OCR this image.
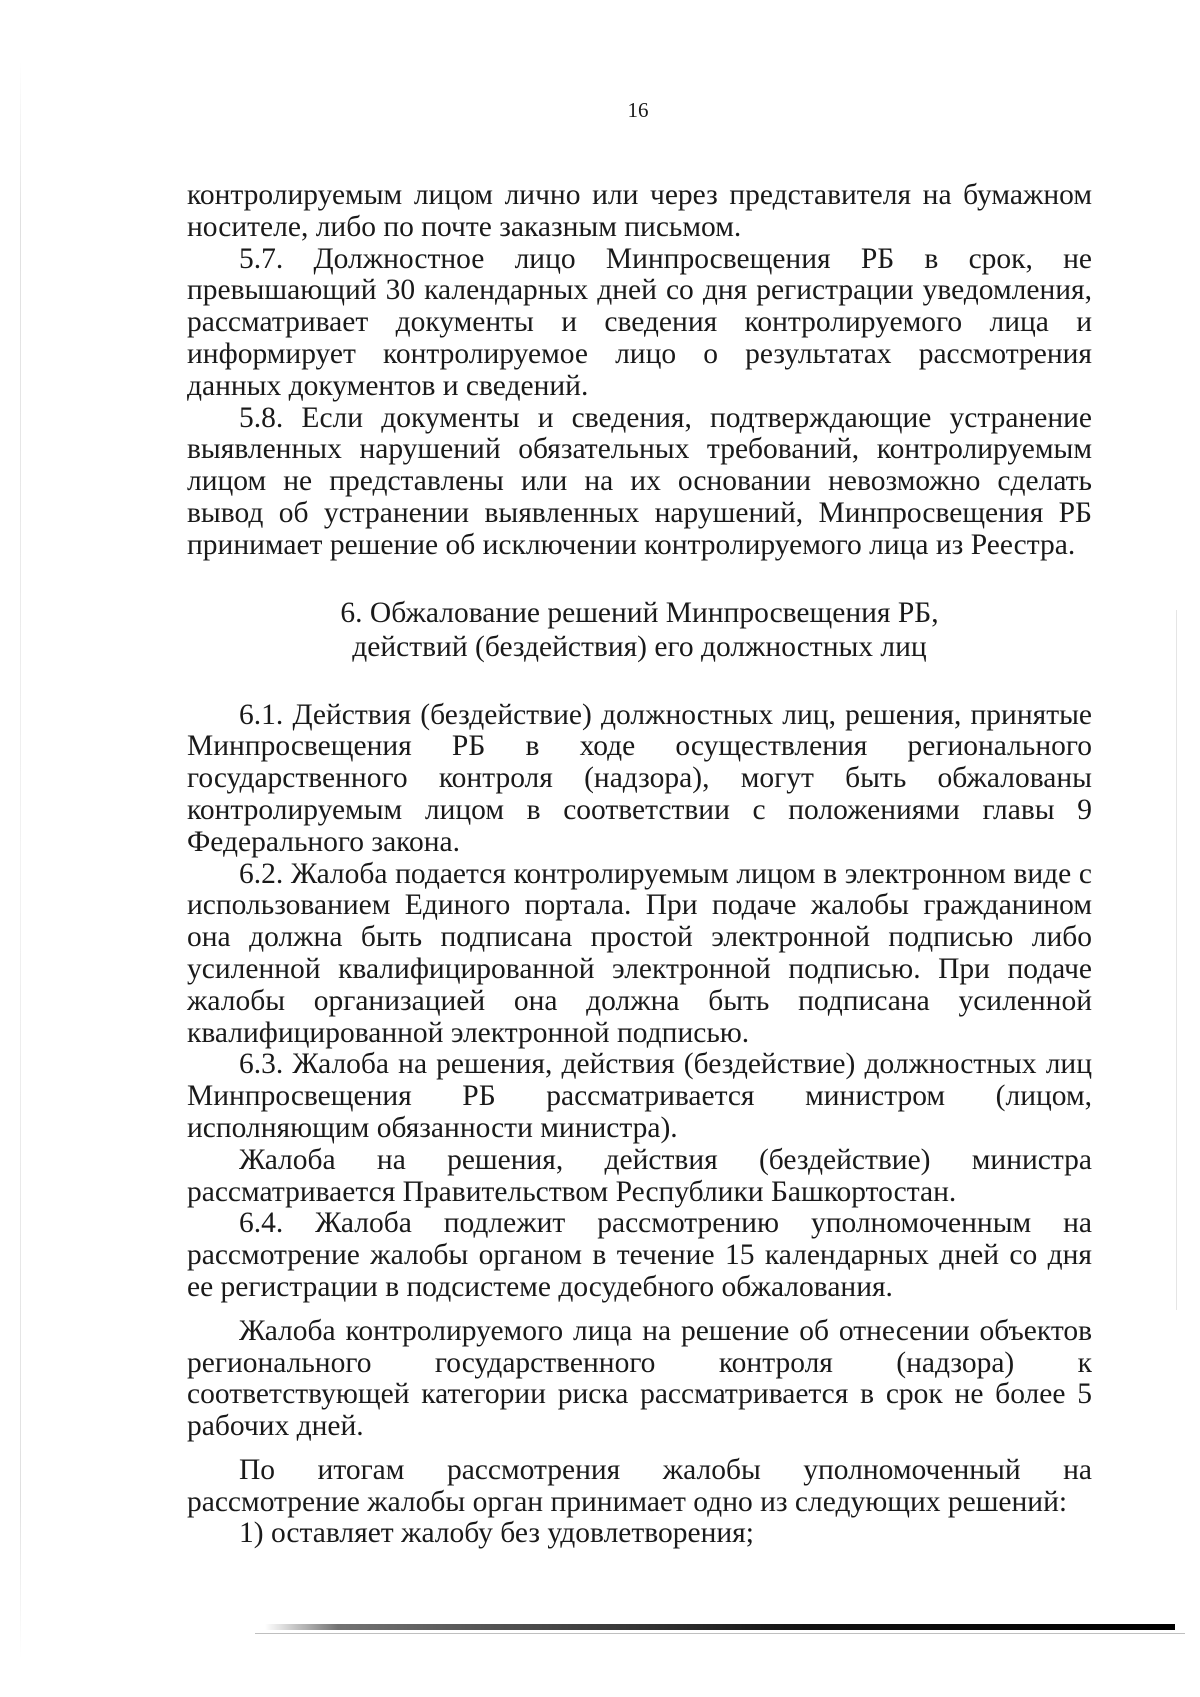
16

контролируемым лицом лично или через представителя на бумажном носителе, либо по почте заказным письмом.

5.7. Должностное лицо Минпросвещения РБ в срок, не превышающий 30 календарных дней со дня регистрации уведомления, рассматривает документы и сведения контролируемого лица и информирует контролируемое лицо о результатах рассмотрения данных документов и сведений.

5.8. Если документы и сведения, подтверждающие устранение выявленных нарушений обязательных требований, контролируемым лицом не представлены или на их основании невозможно сделать вывод об устранении выявленных нарушений, Минпросвещения РБ принимает решение об исключении контролируемого лица из Реестра.

6. Обжалование решений Минпросвещения РБ,
действий (бездействия) его должностных лиц

6.1. Действия (бездействие) должностных лиц, решения, принятые Минпросвещения РБ в ходе осуществления регионального государственного контроля (надзора), могут быть обжалованы контролируемым лицом в соответствии с положениями главы 9 Федерального закона.

6.2. Жалоба подается контролируемым лицом в электронном виде с использованием Единого портала. При подаче жалобы гражданином она должна быть подписана простой электронной подписью либо усиленной квалифицированной электронной подписью. При подаче жалобы организацией она должна быть подписана усиленной квалифицированной электронной подписью.

6.3. Жалоба на решения, действия (бездействие) должностных лиц Минпросвещения РБ рассматривается министром (лицом, исполняющим обязанности министра).

Жалоба на решения, действия (бездействие) министра рассматривается Правительством Республики Башкортостан.

6.4. Жалоба подлежит рассмотрению уполномоченным на рассмотрение жалобы органом в течение 15 календарных дней со дня ее регистрации в подсистеме досудебного обжалования.

Жалоба контролируемого лица на решение об отнесении объектов регионального государственного контроля (надзора) к соответствующей категории риска рассматривается в срок не более 5 рабочих дней.

По итогам рассмотрения жалобы уполномоченный на рассмотрение жалобы орган принимает одно из следующих решений:

1) оставляет жалобу без удовлетворения;
